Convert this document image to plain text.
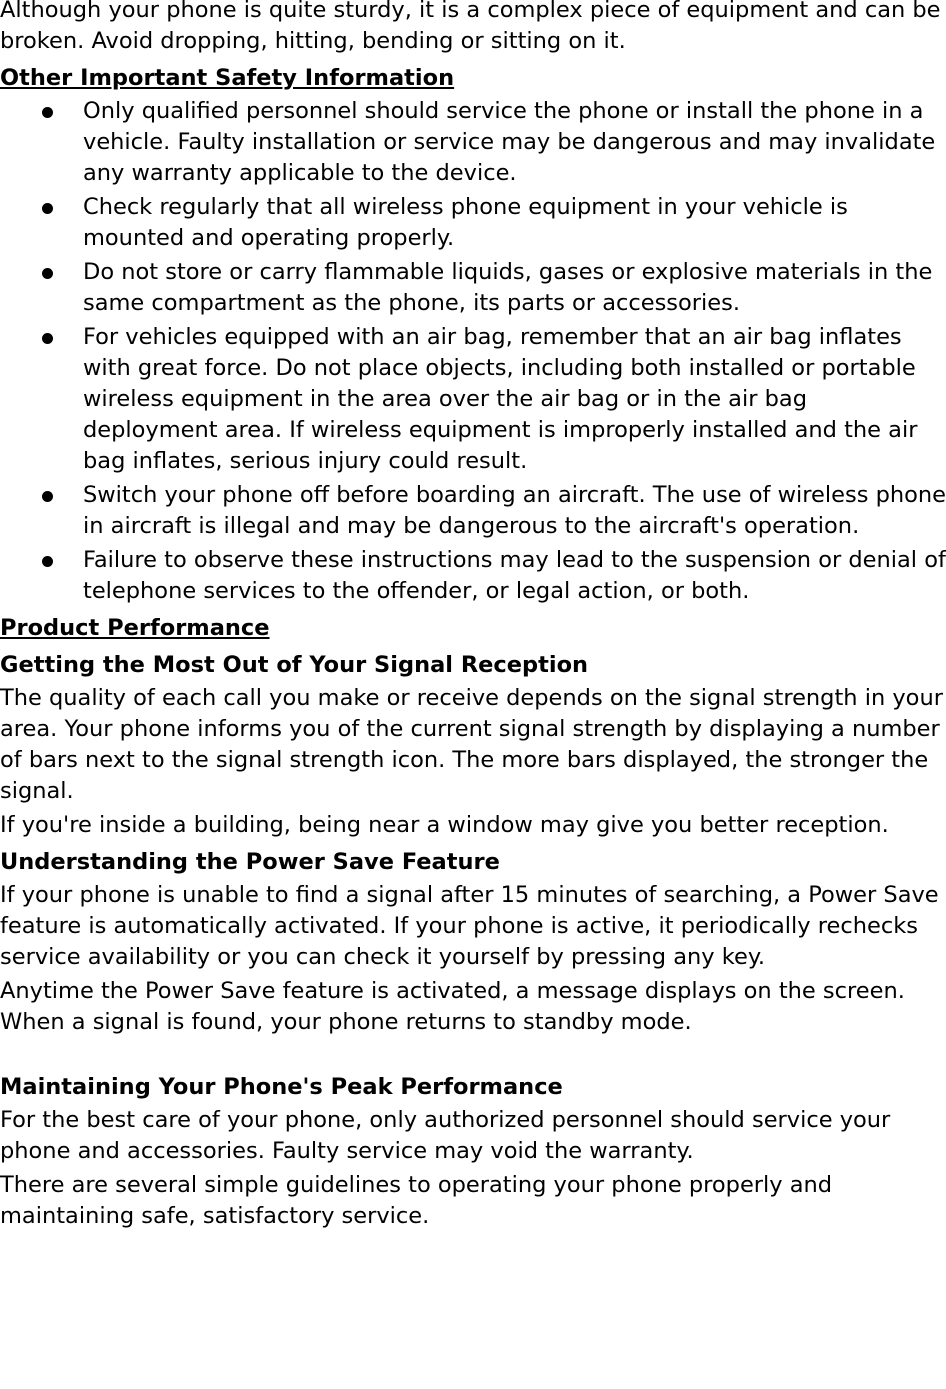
Although your phone is quite sturdy, it is a complex piece of equipment and can be broken. Avoid dropping, hitting, bending or sitting on it.

Other Important Safety Information

Only qualified personnel should service the phone or install the phone in a vehicle. Faulty installation or service may be dangerous and may invalidate any warranty applicable to the device.
Check regularly that all wireless phone equipment in your vehicle is mounted and operating properly.
Do not store or carry flammable liquids, gases or explosive materials in the same compartment as the phone, its parts or accessories.
For vehicles equipped with an air bag, remember that an air bag inflates with great force. Do not place objects, including both installed or portable wireless equipment in the area over the air bag or in the air bag deployment area. If wireless equipment is improperly installed and the air bag inflates, serious injury could result.
Switch your phone off before boarding an aircraft. The use of wireless phone in aircraft is illegal and may be dangerous to the aircraft's operation.
Failure to observe these instructions may lead to the suspension or denial of telephone services to the offender, or legal action, or both.

Product Performance

Getting the Most Out of Your Signal Reception

The quality of each call you make or receive depends on the signal strength in your area. Your phone informs you of the current signal strength by displaying a number of bars next to the signal strength icon. The more bars displayed, the stronger the signal.

If you're inside a building, being near a window may give you better reception.

Understanding the Power Save Feature

If your phone is unable to find a signal after 15 minutes of searching, a Power Save feature is automatically activated. If your phone is active, it periodically rechecks service availability or you can check it yourself by pressing any key.

Anytime the Power Save feature is activated, a message displays on the screen. When a signal is found, your phone returns to standby mode.

Maintaining Your Phone's Peak Performance

For the best care of your phone, only authorized personnel should service your phone and accessories. Faulty service may void the warranty.

There are several simple guidelines to operating your phone properly and maintaining safe, satisfactory service.
